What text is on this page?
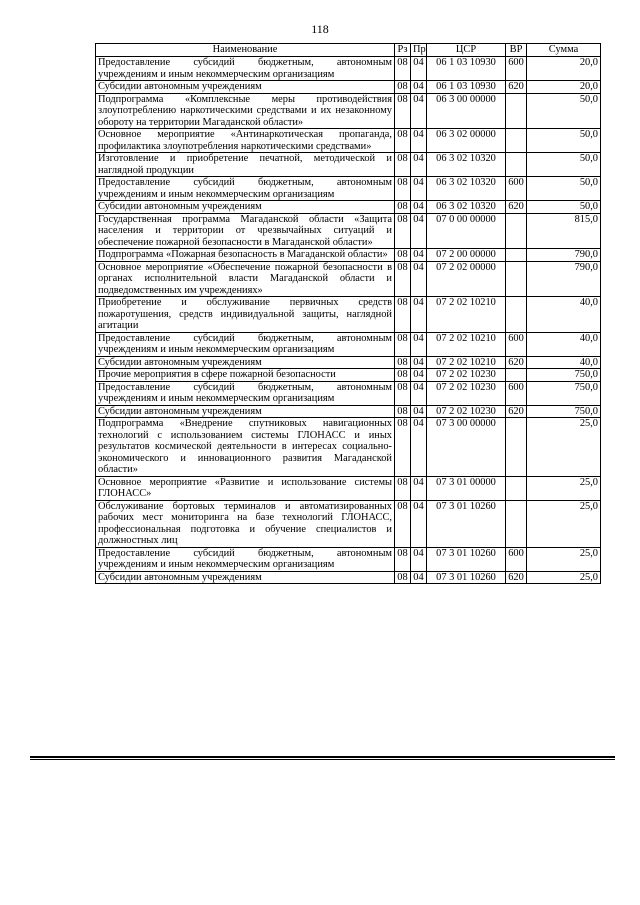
118
Наименование	Рз	Пр	ЦСР	ВР	Сумма
Предоставление субсидий бюджетным, автономным учреждениям и иным некоммерческим организациям	08	04	06 1 03 10930	600	20,0
Субсидии автономным учреждениям	08	04	06 1 03 10930	620	20,0
Подпрограмма «Комплексные меры противодействия злоупотреблению наркотическими средствами и их незаконному обороту на территории Магаданской области»	08	04	06 3 00 00000		50,0
Основное мероприятие «Антинаркотическая пропаганда, профилактика злоупотребления наркотическими средствами»	08	04	06 3 02 00000		50,0
Изготовление и приобретение печатной, методической и наглядной продукции	08	04	06 3 02 10320		50,0
Предоставление субсидий бюджетным, автономным учреждениям и иным некоммерческим организациям	08	04	06 3 02 10320	600	50,0
Субсидии автономным учреждениям	08	04	06 3 02 10320	620	50,0
Государственная программа Магаданской области «Защита населения и территории от чрезвычайных ситуаций и обеспечение пожарной безопасности в Магаданской области»	08	04	07 0 00 00000		815,0
Подпрограмма «Пожарная безопасность в Магаданской области»	08	04	07 2 00 00000		790,0
Основное мероприятие «Обеспечение пожарной безопасности в органах исполнительной власти Магаданской области и подведомственных им учреждениях»	08	04	07 2 02 00000		790,0
Приобретение и обслуживание первичных средств пожаротушения, средств индивидуальной защиты, наглядной агитации	08	04	07 2 02 10210		40,0
Предоставление субсидий бюджетным, автономным учреждениям и иным некоммерческим организациям	08	04	07 2 02 10210	600	40,0
Субсидии автономным учреждениям	08	04	07 2 02 10210	620	40,0
Прочие мероприятия в сфере пожарной безопасности	08	04	07 2 02 10230		750,0
Предоставление субсидий бюджетным, автономным учреждениям и иным некоммерческим организациям	08	04	07 2 02 10230	600	750,0
Субсидии автономным учреждениям	08	04	07 2 02 10230	620	750,0
Подпрограмма «Внедрение спутниковых навигационных технологий с использованием системы ГЛОНАСС и иных результатов космической деятельности в интересах социально-экономического и инновационного развития Магаданской области»	08	04	07 3 00 00000		25,0
Основное мероприятие «Развитие и использование системы ГЛОНАСС»	08	04	07 3 01 00000		25,0
Обслуживание бортовых терминалов и автоматизированных рабочих мест мониторинга на базе технологий ГЛОНАСС, профессиональная подготовка и обучение специалистов и должностных лиц	08	04	07 3 01 10260		25,0
Предоставление субсидий бюджетным, автономным учреждениям и иным некоммерческим организациям	08	04	07 3 01 10260	600	25,0
Субсидии автономным учреждениям	08	04	07 3 01 10260	620	25,0
